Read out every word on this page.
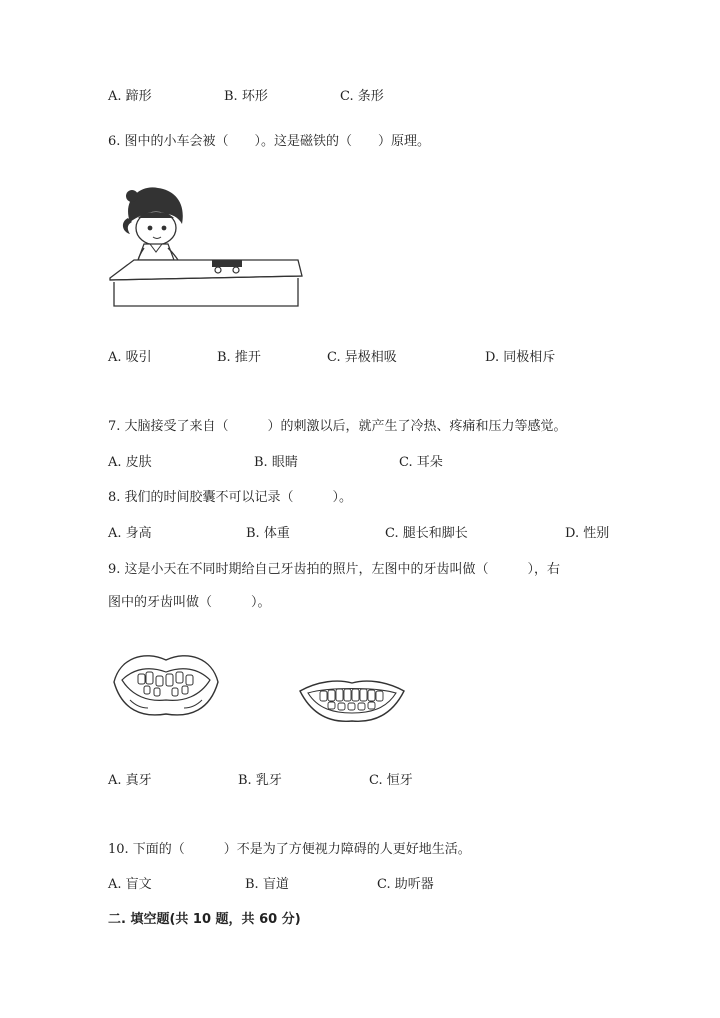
A. 蹄形	B. 环形	C. 条形
6. 图中的小车会被（　　）。这是磁铁的（　　）原理。
A. 吸引	B. 推开	C. 异极相吸	D. 同极相斥
7. 大脑接受了来自（　　　）的刺激以后，就产生了冷热、疼痛和压力等感觉。
A. 皮肤	B. 眼睛	C. 耳朵
8. 我们的时间胶囊不可以记录（　　　）。
A. 身高	B. 体重	C. 腿长和脚长	D. 性别
9. 这是小天在不同时期给自己牙齿拍的照片，左图中的牙齿叫做（　　　），右
图中的牙齿叫做（　　　）。
A. 真牙	B. 乳牙	C. 恒牙
10. 下面的（　　　）不是为了方便视力障碍的人更好地生活。
A. 盲文	B. 盲道	C. 助听器
二. 填空题(共 10 题，共 60 分)
